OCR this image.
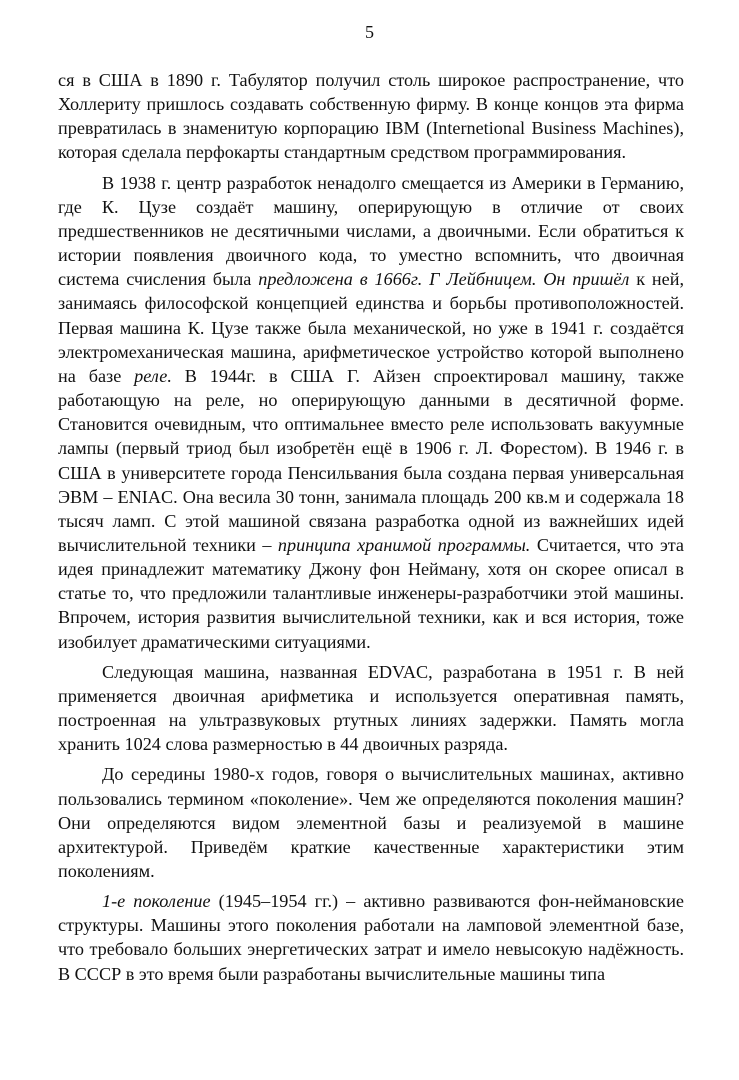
5

ся в США в 1890 г. Табулятор получил столь широкое распространение, что Холлериту пришлось создавать собственную фирму. В конце концов эта фирма превратилась в знаменитую корпорацию IBM (Internetional Business Machines), которая сделала перфокарты стандартным средством программирования.

В 1938 г. центр разработок ненадолго смещается из Америки в Германию, где К. Цузе создаёт машину, оперирующую в отличие от своих предшественников не десятичными числами, а двоичными. Если обратиться к истории появления двоичного кода, то уместно вспомнить, что двоичная система счисления была предложена в 1666г. Г Лейбницем. Он пришёл к ней, занимаясь философской концепцией единства и борьбы противоположностей. Первая машина К. Цузе также была механической, но уже в 1941 г. создаётся электромеханическая машина, арифметическое устройство которой выполнено на базе реле. В 1944г. в США Г. Айзен спроектировал машину, также работающую на реле, но оперирующую данными в десятичной форме. Становится очевидным, что оптимальнее вместо реле использовать вакуумные лампы (первый триод был изобретён ещё в 1906 г. Л. Форестом). В 1946 г. в США в университете города Пенсильвания была создана первая универсальная ЭВМ – ENIAC. Она весила 30 тонн, занимала площадь 200 кв.м и содержала 18 тысяч ламп. С этой машиной связана разработка одной из важнейших идей вычислительной техники – принципа хранимой программы. Считается, что эта идея принадлежит математику Джону фон Нейману, хотя он скорее описал в статье то, что предложили талантливые инженеры-разработчики этой машины. Впрочем, история развития вычислительной техники, как и вся история, тоже изобилует драматическими ситуациями.

Следующая машина, названная EDVAC, разработана в 1951 г. В ней применяется двоичная арифметика и используется оперативная память, построенная на ультразвуковых ртутных линиях задержки. Память могла хранить 1024 слова размерностью в 44 двоичных разряда.

До середины 1980-х годов, говоря о вычислительных машинах, активно пользовались термином «поколение». Чем же определяются поколения машин? Они определяются видом элементной базы и реализуемой в машине архитектурой. Приведём краткие качественные характеристики этим поколениям.

1-е поколение (1945–1954 гг.) – активно развиваются фон-неймановские структуры. Машины этого поколения работали на ламповой элементной базе, что требовало больших энергетических затрат и имело невысокую надёжность. В СССР в это время были разработаны вычислительные машины типа
